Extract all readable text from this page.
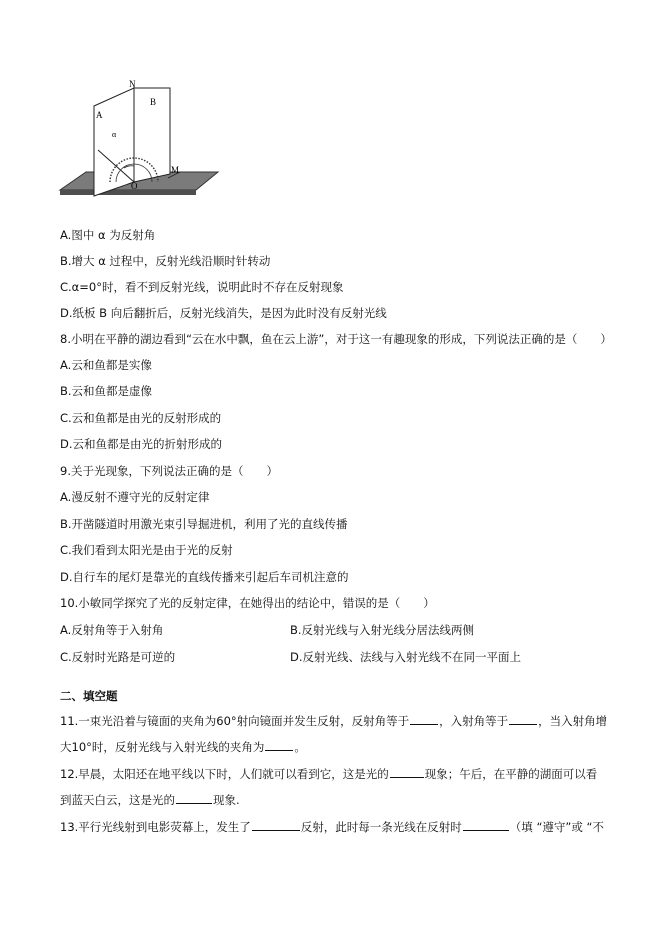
N
A
B
α
O
M
A.图中 α 为反射角
B.增大 α 过程中，反射光线沿顺时针转动
C.α=0°时，看不到反射光线，说明此时不存在反射现象
D.纸板 B 向后翻折后，反射光线消失，是因为此时没有反射光线
8.小明在平静的湖边看到“云在水中飘，鱼在云上游”，对于这一有趣现象的形成，下列说法正确的是（　　）
A.云和鱼都是实像
B.云和鱼都是虚像
C.云和鱼都是由光的反射形成的
D.云和鱼都是由光的折射形成的
9.关于光现象，下列说法正确的是（　　）
A.漫反射不遵守光的反射定律
B.开凿隧道时用激光束引导掘进机，利用了光的直线传播
C.我们看到太阳光是由于光的反射
D.自行车的尾灯是靠光的直线传播来引起后车司机注意的
10.小敏同学探究了光的反射定律，在她得出的结论中，错误的是（　　）
A.反射角等于入射角	B.反射光线与入射光线分居法线两侧
C.反射时光路是可逆的	D.反射光线、法线与入射光线不在同一平面上
二、填空题
11.一束光沿着与镜面的夹角为60°射向镜面并发生反射，反射角等于	，入射角等于	，当入射角增
大10°时，反射光线与入射光线的夹角为	。
12.早晨，太阳还在地平线以下时，人们就可以看到它，这是光的	现象；午后，在平静的湖面可以看
到蓝天白云，这是光的	现象.
13.平行光线射到电影荧幕上，发生了	反射，此时每一条光线在反射时	（填 “遵守”或 “不
